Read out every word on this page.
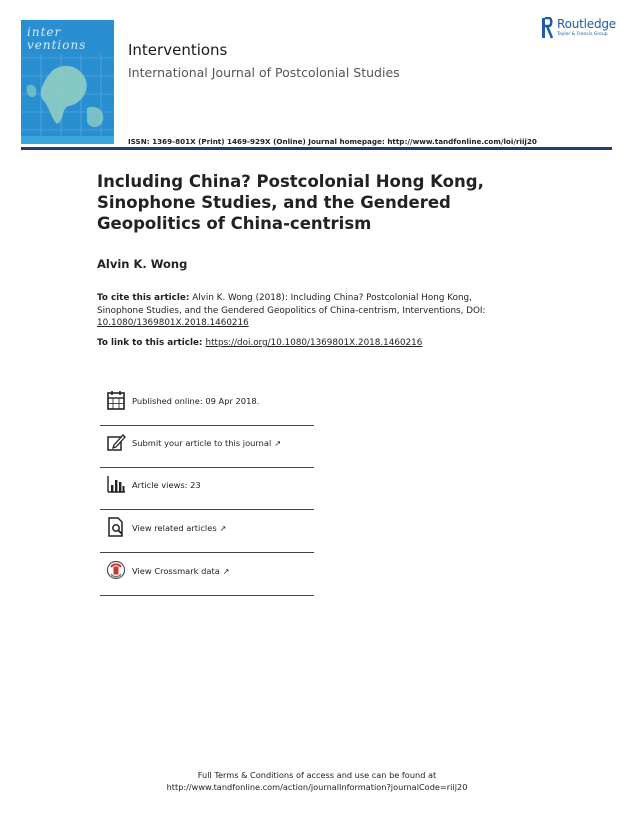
inter
ventions	Interventions
International Journal of Postcolonial Studies
ISSN: 1369-801X (Print) 1469-929X (Online) Journal homepage: http://www.tandfonline.com/loi/riij20
Routledge
Taylor & Francis Group
Including China? Postcolonial Hong Kong, Sinophone Studies, and the Gendered Geopolitics of China-centrism
Alvin K. Wong
To cite this article: Alvin K. Wong (2018): Including China? Postcolonial Hong Kong, Sinophone Studies, and the Gendered Geopolitics of China-centrism, Interventions, DOI: 10.1080/1369801X.2018.1460216
To link to this article: https://doi.org/10.1080/1369801X.2018.1460216
Published online: 09 Apr 2018.
Submit your article to this journal ↗
Article views: 23
View related articles ↗
View Crossmark data ↗
Full Terms & Conditions of access and use can be found at
http://www.tandfonline.com/action/journalInformation?journalCode=riij20
